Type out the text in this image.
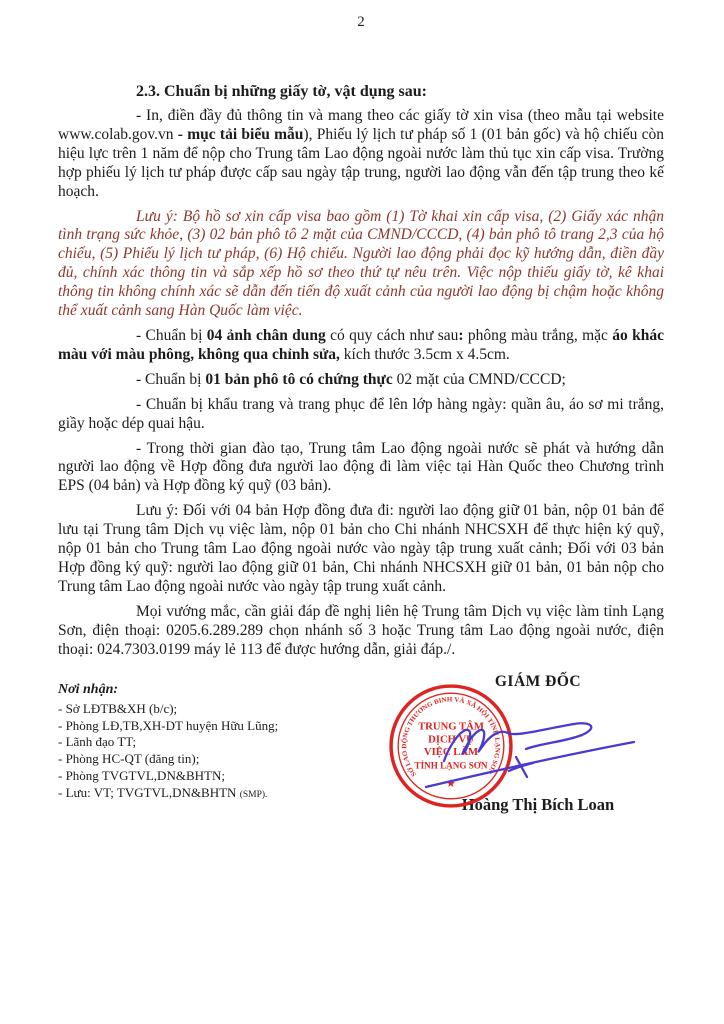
2
2.3. Chuẩn bị những giấy tờ, vật dụng sau:

- In, điền đầy đủ thông tin và mang theo các giấy tờ xin visa (theo mẫu tại website www.colab.gov.vn - mục tải biểu mẫu), Phiếu lý lịch tư pháp số 1 (01 bản gốc) và hộ chiếu còn hiệu lực trên 1 năm để nộp cho Trung tâm Lao động ngoài nước làm thủ tục xin cấp visa. Trường hợp phiếu lý lịch tư pháp được cấp sau ngày tập trung, người lao động vẫn đến tập trung theo kế hoạch.

Lưu ý: Bộ hồ sơ xin cấp visa bao gồm (1) Tờ khai xin cấp visa, (2) Giấy xác nhận tình trạng sức khỏe, (3) 02 bản phô tô 2 mặt của CMND/CCCD, (4) bản phô tô trang 2,3 của hộ chiếu, (5) Phiếu lý lịch tư pháp, (6) Hộ chiếu. Người lao động phải đọc kỹ hướng dẫn, điền đầy đủ, chính xác thông tin và sắp xếp hồ sơ theo thứ tự nêu trên. Việc nộp thiếu giấy tờ, kê khai thông tin không chính xác sẽ dẫn đến tiến độ xuất cảnh của người lao động bị chậm hoặc không thể xuất cảnh sang Hàn Quốc làm việc.

- Chuẩn bị 04 ảnh chân dung có quy cách như sau: phông màu trắng, mặc áo khác màu với màu phông, không qua chỉnh sửa, kích thước 3.5cm x 4.5cm.

- Chuẩn bị 01 bản phô tô có chứng thực 02 mặt của CMND/CCCD;

- Chuẩn bị khẩu trang và trang phục để lên lớp hàng ngày: quần âu, áo sơ mi trắng, giầy hoặc dép quai hậu.

- Trong thời gian đào tạo, Trung tâm Lao động ngoài nước sẽ phát và hướng dẫn người lao động về Hợp đồng đưa người lao động đi làm việc tại Hàn Quốc theo Chương trình EPS (04 bản) và Hợp đồng ký quỹ (03 bản).

Lưu ý: Đối với 04 bản Hợp đồng đưa đi: người lao động giữ 01 bản, nộp 01 bản để lưu tại Trung tâm Dịch vụ việc làm, nộp 01 bản cho Chi nhánh NHCSXH để thực hiện ký quỹ, nộp 01 bản cho Trung tâm Lao động ngoài nước vào ngày tập trung xuất cảnh; Đối với 03 bản Hợp đồng ký quỹ: người lao động giữ 01 bản, Chi nhánh NHCSXH giữ 01 bản, 01 bản nộp cho Trung tâm Lao động ngoài nước vào ngày tập trung xuất cảnh.

Mọi vướng mắc, cần giải đáp đề nghị liên hệ Trung tâm Dịch vụ việc làm tỉnh Lạng Sơn, điện thoại: 0205.6.289.289 chọn nhánh số 3 hoặc Trung tâm Lao động ngoài nước, điện thoại: 024.7303.0199 máy lẻ 113 để được hướng dẫn, giải đáp./.

Nơi nhận:
- Sở LĐTB&XH (b/c);
- Phòng LĐ,TB,XH-DT huyện Hữu Lũng;
- Lãnh đạo TT;
- Phòng HC-QT (đăng tin);
- Phòng TVGTVL,DN&BHTN;
- Lưu: VT; TVGTVL,DN&BHTN (SMP).
GIÁM ĐỐC
SỞ LAO ĐỘNG THƯƠNG BINH VÀ XÃ HỘI TỈNH LẠNG SƠN
TRUNG TÂM
DỊCH VỤ
VIỆC LÀM
TỈNH LẠNG SƠN
★
Hoàng Thị Bích Loan
